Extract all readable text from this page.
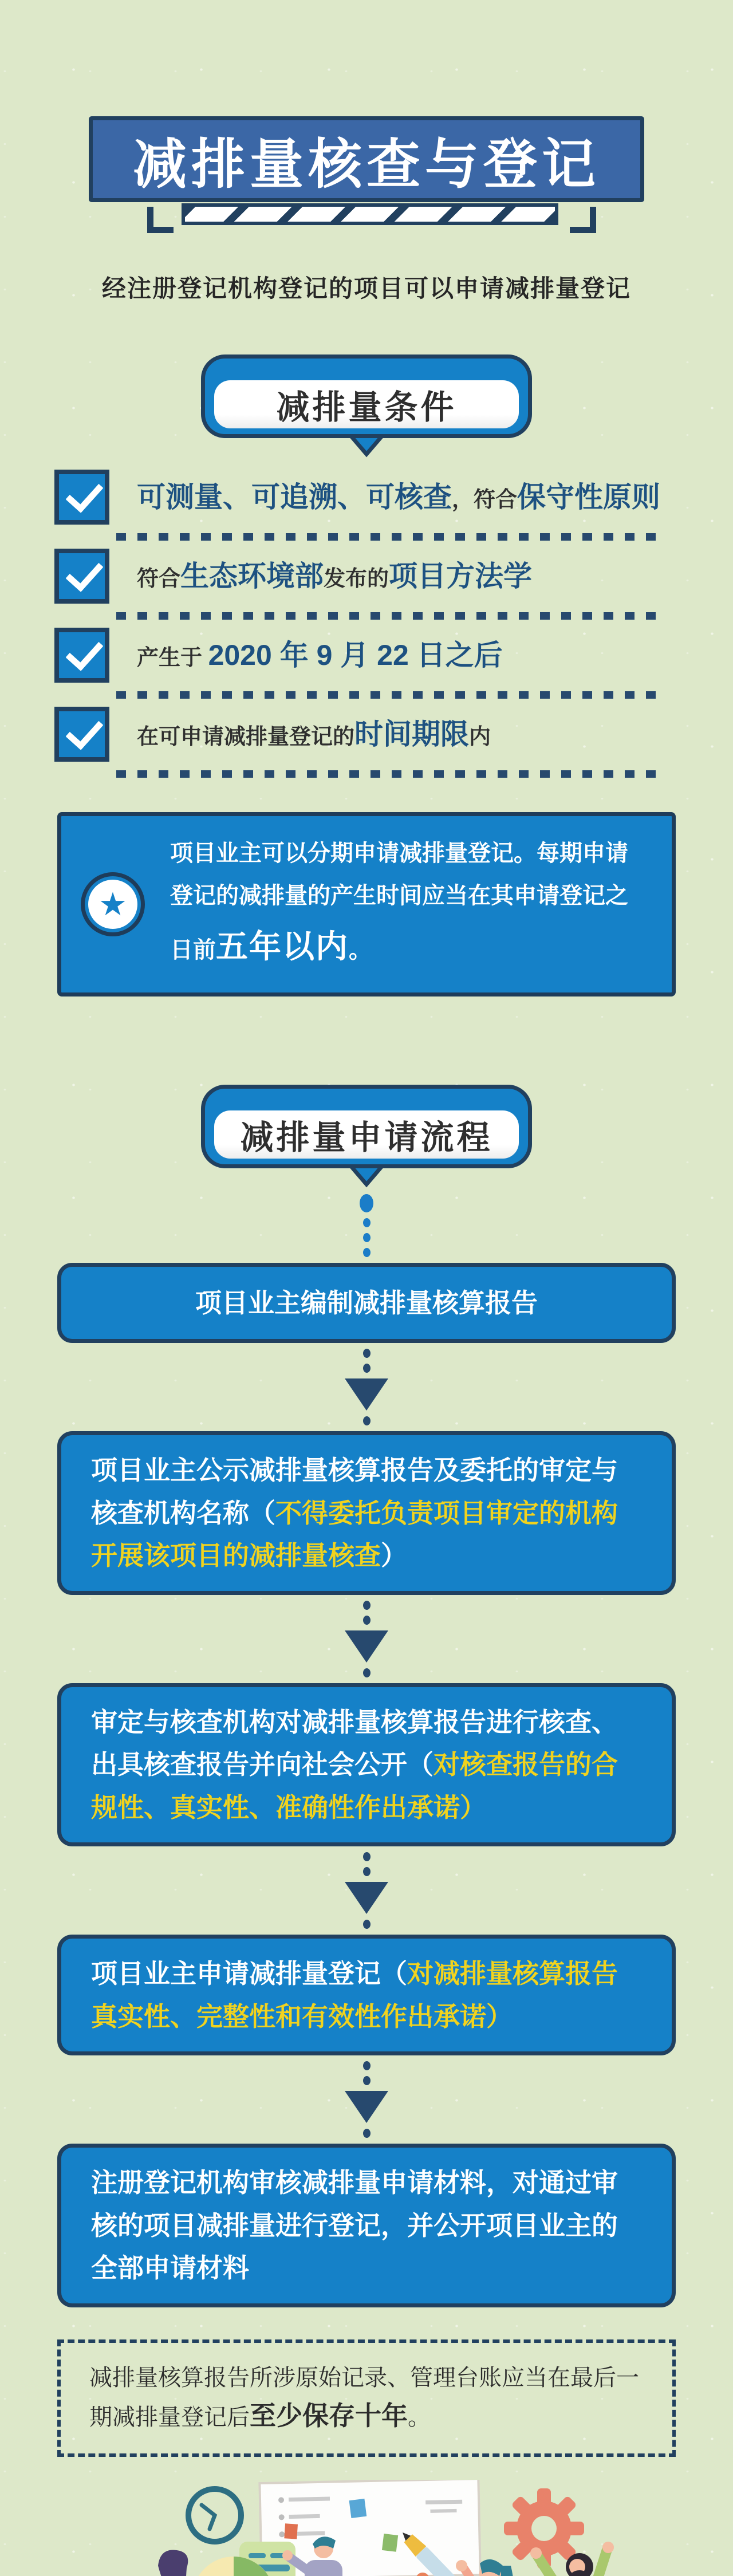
减排量核查与登记
经注册登记机构登记的项目可以申请减排量登记
减排量条件
可测量、可追溯、可核查，符合保守性原则
符合生态环境部发布的项目方法学
产生于 2020 年 9 月 22 日之后
在可申请减排量登记的时间期限内
★
项目业主可以分期申请减排量登记。每期申请登记的减排量的产生时间应当在其申请登记之日前五年以内。
减排量申请流程
项目业主编制减排量核算报告
项目业主公示减排量核算报告及委托的审定与核查机构名称（不得委托负责项目审定的机构开展该项目的减排量核查）
审定与核查机构对减排量核算报告进行核查、出具核查报告并向社会公开（对核查报告的合规性、真实性、准确性作出承诺）
项目业主申请减排量登记（对减排量核算报告真实性、完整性和有效性作出承诺）
注册登记机构审核减排量申请材料，对通过审核的项目减排量进行登记，并公开项目业主的全部申请材料
减排量核算报告所涉原始记录、管理台账应当在最后一期减排量登记后至少保存十年。
